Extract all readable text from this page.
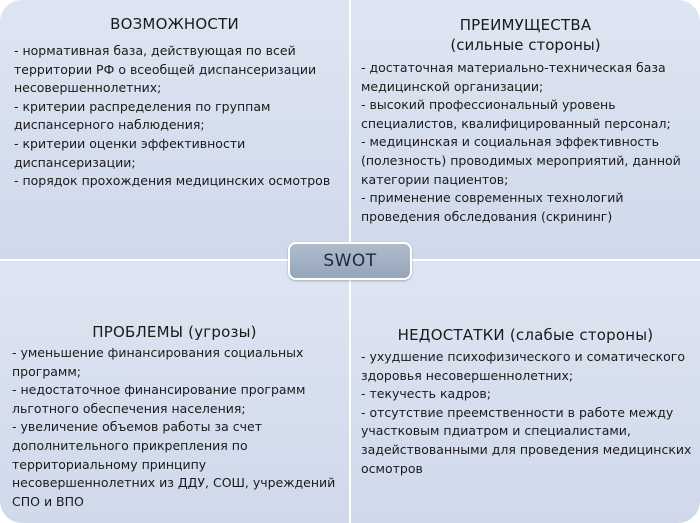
ВОЗМОЖНОСТИ
- нормативная база, действующая по всей территории РФ о всеобщей диспансеризации несовершеннолетних;
- критерии распределения по группам диспансерного наблюдения;
- критерии оценки эффективности диспансеризации;
- порядок прохождения медицинских осмотров
ПРЕИМУЩЕСТВА
(сильные стороны)
- достаточная материально-техническая база медицинской организации;
- высокий профессиональный уровень специалистов, квалифицированный персонал;
- медицинская и социальная эффективность (полезность) проводимых мероприятий, данной категории пациентов;
- применение современных технологий проведения обследования (скрининг)
ПРОБЛЕМЫ (угрозы)
- уменьшение финансирования социальных программ;
- недостаточное финансирование программ льготного обеспечения населения;
- увеличение объемов работы за счет дополнительного прикрепления по территориальному принципу несовершеннолетних из ДДУ, СОШ, учреждений СПО и ВПО
НЕДОСТАТКИ (слабые стороны)
- ухудшение психофизического и соматического здоровья несовершеннолетних;
- текучесть кадров;
- отсутствие преемственности в работе между участковым пдиатром и специалистами, задействованными для проведения медицинских осмотров
SWOT
